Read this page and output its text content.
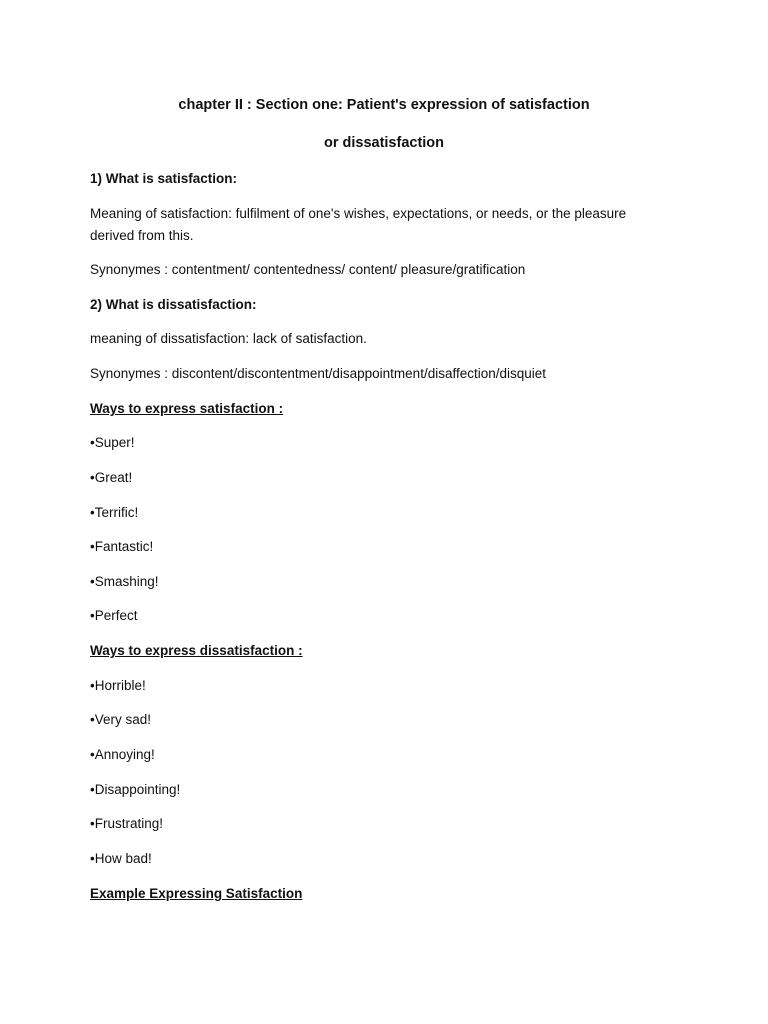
chapter II : Section one: Patient's expression of satisfaction
or dissatisfaction
1) What is satisfaction:
Meaning of satisfaction: fulfilment of one's wishes, expectations, or needs, or the pleasure
derived from this.
Synonymes : contentment/ contentedness/ content/ pleasure/gratification
2) What is dissatisfaction:
meaning of dissatisfaction: lack of satisfaction.
Synonymes : discontent/discontentment/disappointment/disaffection/disquiet
Ways to express satisfaction :
•Super!
•Great!
•Terrific!
•Fantastic!
•Smashing!
•Perfect
Ways to express dissatisfaction :
•Horrible!
•Very sad!
•Annoying!
•Disappointing!
•Frustrating!
•How bad!
Example Expressing Satisfaction
